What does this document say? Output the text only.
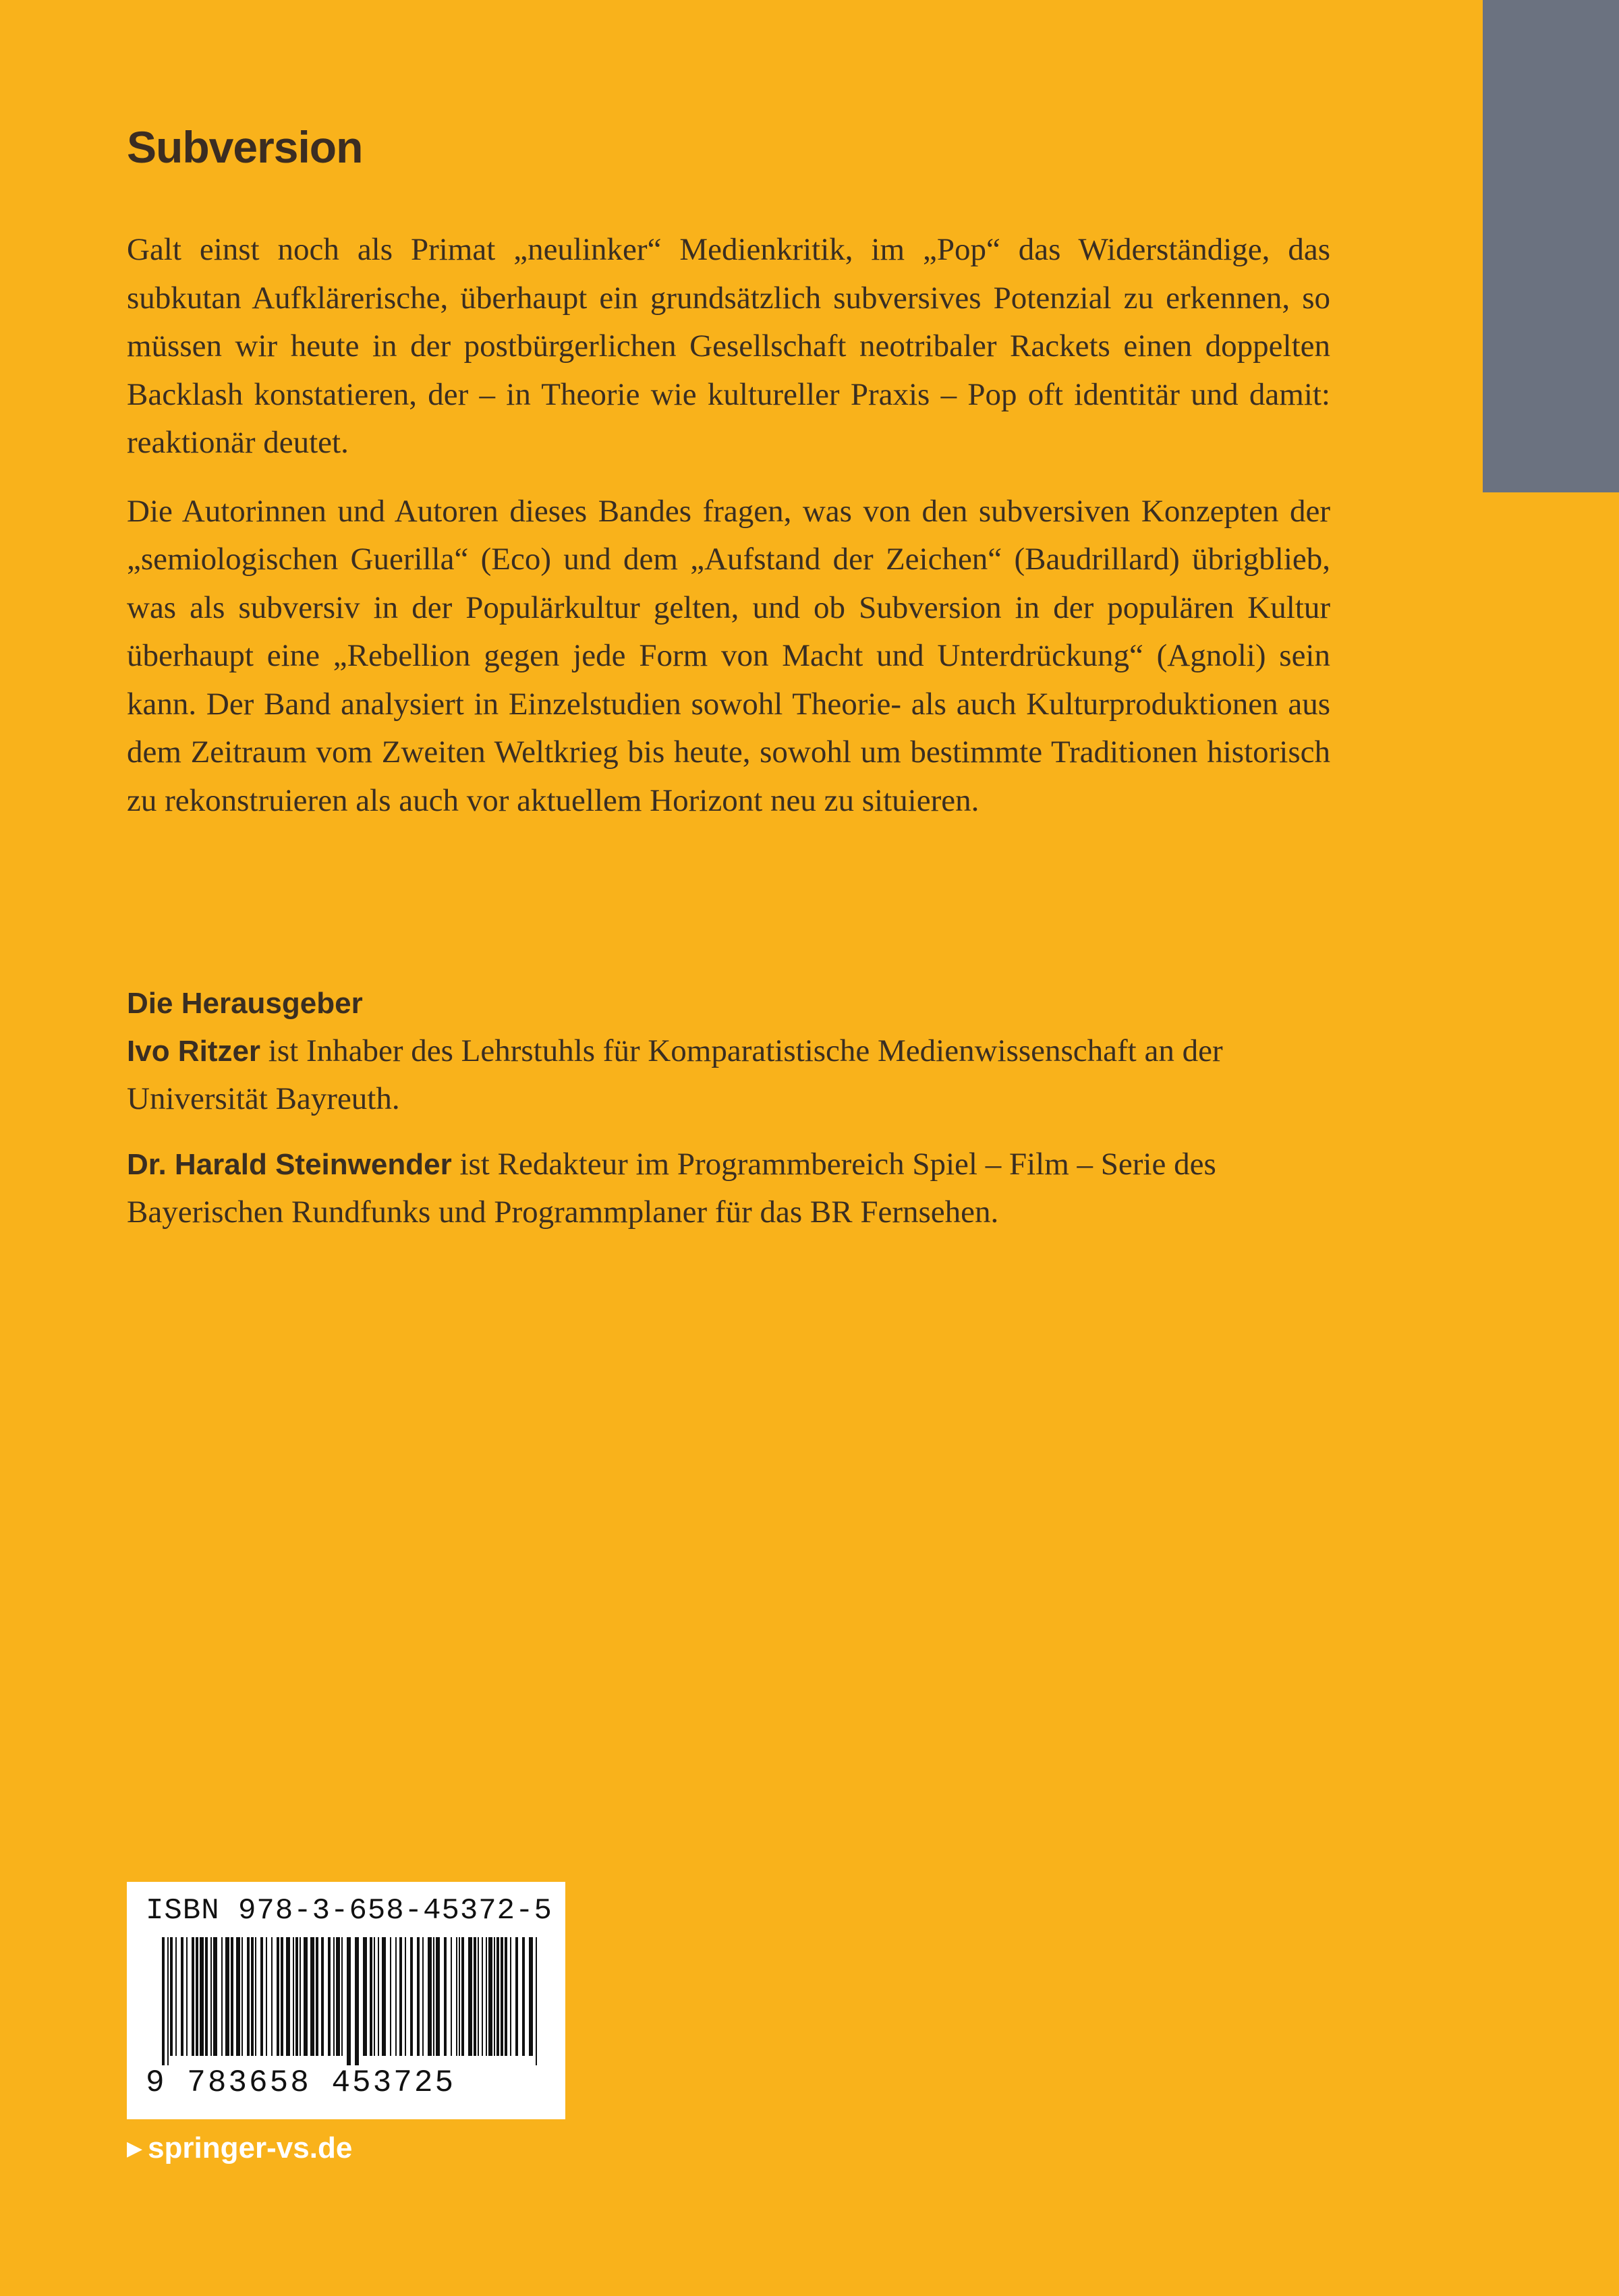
Subversion

Galt einst noch als Primat „neulinker“ Medienkritik, im „Pop“ das Widerständige, das subkutan Aufklärerische, überhaupt ein grundsätzlich subversives Potenzial zu erkennen, so müssen wir heute in der postbürgerlichen Gesellschaft neotribaler Rackets einen doppelten Backlash konstatieren, der – in Theorie wie kultureller Praxis – Pop oft identitär und damit: reaktionär deutet.

Die Autorinnen und Autoren dieses Bandes fragen, was von den subversiven Konzepten der „semiologischen Guerilla“ (Eco) und dem „Aufstand der Zeichen“ (Baudrillard) übrigblieb, was als subversiv in der Populärkultur gelten, und ob Subversion in der populären Kultur überhaupt eine „Rebellion gegen jede Form von Macht und Unterdrückung“ (Agnoli) sein kann. Der Band analysiert in Einzelstudien sowohl Theorie- als auch Kulturproduktionen aus dem Zeitraum vom Zweiten Weltkrieg bis heute, sowohl um bestimmte Traditionen historisch zu rekonstruieren als auch vor aktuellem Horizont neu zu situieren.

Die Herausgeber

Ivo Ritzer ist Inhaber des Lehrstuhls für Komparatistische Medienwissenschaft an der Universität Bayreuth.

Dr. Harald Steinwender ist Redakteur im Programmbereich Spiel – Film – Serie des Bayerischen Rundfunks und Programmplaner für das BR Fernsehen.

ISBN 978-3-658-45372-5
9 783658 453725
▶ springer-vs.de
